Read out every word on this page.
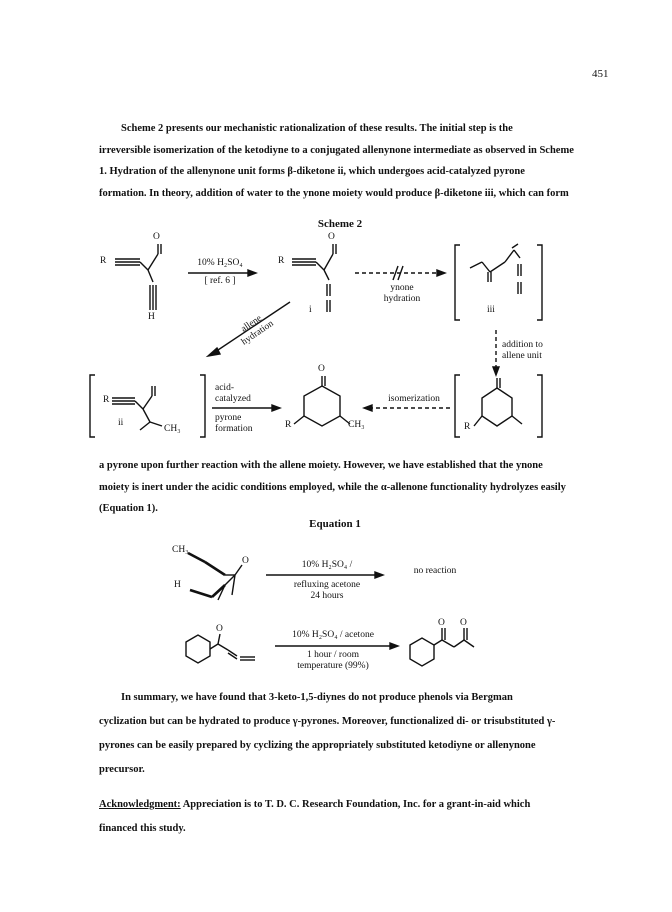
451
Scheme 2 presents our mechanistic rationalization of these results. The initial step is the
irreversible isomerization of the ketodiyne to a conjugated allenynone intermediate as observed in Scheme
1. Hydration of the allenynone unit forms β-diketone ii, which undergoes acid-catalyzed pyrone
formation. In theory, addition of water to the ynone moiety would produce β-diketone iii, which can form
Scheme 2
R
O
H
10% H₂SO₄
[ ref. 6 ]
R
O
i
ynone hydration
iii
addition to
allene unit
allene hydration
R
ii
CH₃
acid- catalyzed
pyrone formation
O
R	CH₃
isomerization
R
a pyrone upon further reaction with the allene moiety. However, we have established that the ynone
moiety is inert under the acidic conditions employed, while the α-allenone functionality hydrolyzes easily
(Equation 1).
Equation 1
CH₃
H
O	10% H₂SO₄ /
refluxing acetone
24 hours
no reaction
O
10% H₂SO₄ / acetone
1 hour / room
temperature (99%)
O O
In summary, we have found that 3-keto-1,5-diynes do not produce phenols via Bergman
cyclization but can be hydrated to produce γ-pyrones. Moreover, functionalized di- or trisubstituted γ-
pyrones can be easily prepared by cyclizing the appropriately substituted ketodiyne or allenynone
precursor.
Acknowledgment: Appreciation is to T. D. C. Research Foundation, Inc. for a grant-in-aid which
financed this study.
